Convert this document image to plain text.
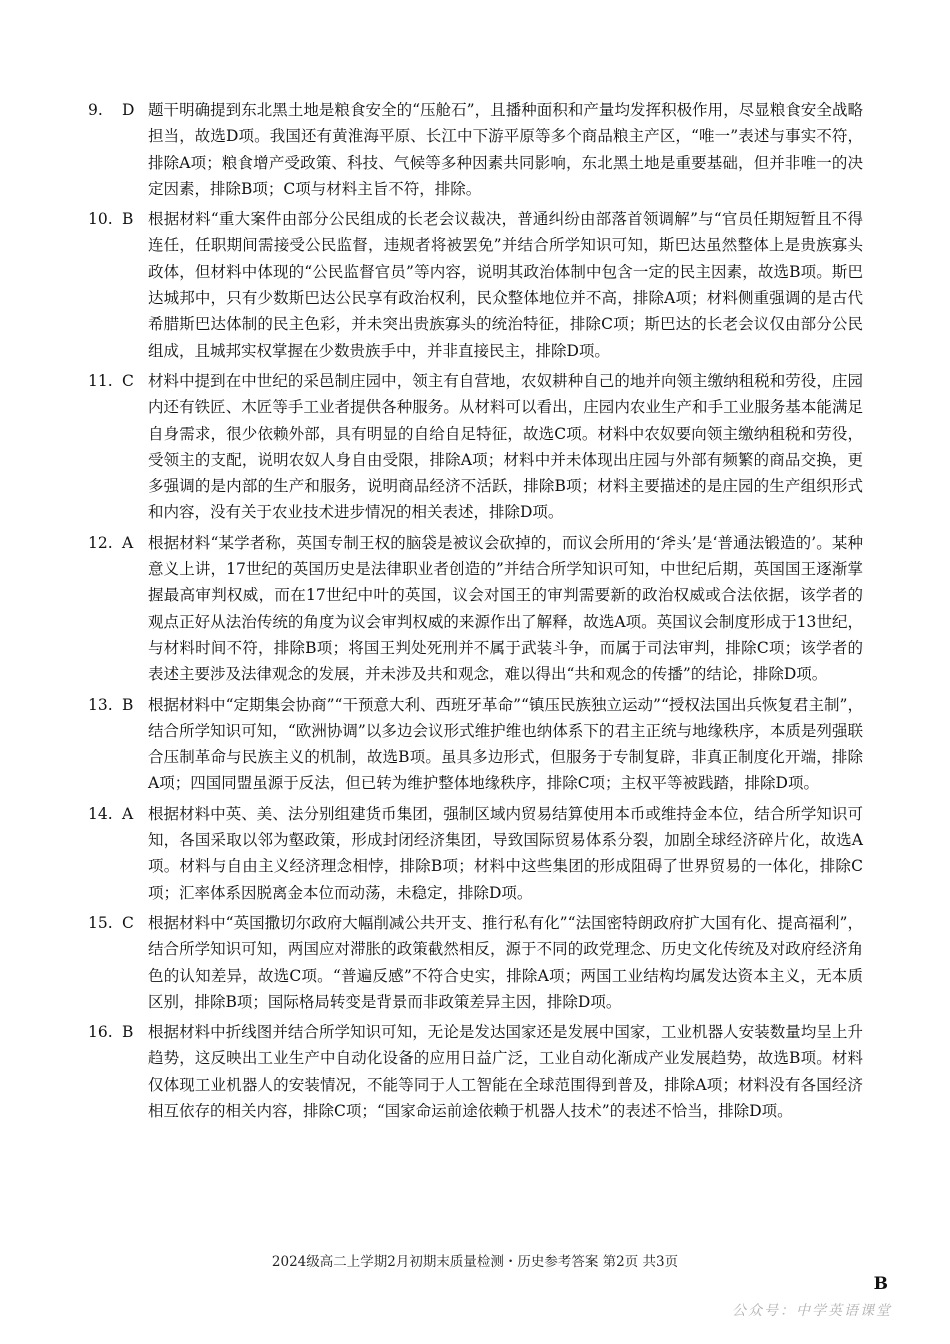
9. D 题干明确提到东北黑土地是粮食安全的“压舱石”，且播种面积和产量均发挥积极作用，尽显粮食安全战略担当，故选D项。我国还有黄淮海平原、长江中下游平原等多个商品粮主产区，“唯一”表述与事实不符，排除A项；粮食增产受政策、科技、气候等多种因素共同影响，东北黑土地是重要基础，但并非唯一的决定因素，排除B项；C项与材料主旨不符，排除。
10. B 根据材料“重大案件由部分公民组成的长老会议裁决，普通纠纷由部落首领调解”与“官员任期短暂且不得连任，任职期间需接受公民监督，违规者将被罢免”并结合所学知识可知，斯巴达虽然整体上是贵族寡头政体，但材料中体现的“公民监督官员”等内容，说明其政治体制中包含一定的民主因素，故选B项。斯巴达城邦中，只有少数斯巴达公民享有政治权利，民众整体地位并不高，排除A项；材料侧重强调的是古代希腊斯巴达体制的民主色彩，并未突出贵族寡头的统治特征，排除C项；斯巴达的长老会议仅由部分公民组成，且城邦实权掌握在少数贵族手中，并非直接民主，排除D项。
11. C 材料中提到在中世纪的采邑制庄园中，领主有自营地，农奴耕种自己的地并向领主缴纳租税和劳役，庄园内还有铁匠、木匠等手工业者提供各种服务。从材料可以看出，庄园内农业生产和手工业服务基本能满足自身需求，很少依赖外部，具有明显的自给自足特征，故选C项。材料中农奴要向领主缴纳租税和劳役，受领主的支配，说明农奴人身自由受限，排除A项；材料中并未体现出庄园与外部有频繁的商品交换，更多强调的是内部的生产和服务，说明商品经济不活跃，排除B项；材料主要描述的是庄园的生产组织形式和内容，没有关于农业技术进步情况的相关表述，排除D项。
12. A 根据材料“某学者称，英国专制王权的脑袋是被议会砍掉的，而议会所用的‘斧头’是‘普通法锻造的’。某种意义上讲，17世纪的英国历史是法律职业者创造的”并结合所学知识可知，中世纪后期，英国国王逐渐掌握最高审判权威，而在17世纪中叶的英国，议会对国王的审判需要新的政治权威或合法依据，该学者的观点正好从法治传统的角度为议会审判权威的来源作出了解释，故选A项。英国议会制度形成于13世纪，与材料时间不符，排除B项；将国王判处死刑并不属于武装斗争，而属于司法审判，排除C项；该学者的表述主要涉及法律观念的发展，并未涉及共和观念，难以得出“共和观念的传播”的结论，排除D项。
13. B 根据材料中“定期集会协商”“干预意大利、西班牙革命”“镇压民族独立运动”“授权法国出兵恢复君主制”，结合所学知识可知，“欧洲协调”以多边会议形式维护维也纳体系下的君主正统与地缘秩序，本质是列强联合压制革命与民族主义的机制，故选B项。虽具多边形式，但服务于专制复辟，非真正制度化开端，排除A项；四国同盟虽源于反法，但已转为维护整体地缘秩序，排除C项；主权平等被践踏，排除D项。
14. A 根据材料中英、美、法分别组建货币集团，强制区域内贸易结算使用本币或维持金本位，结合所学知识可知，各国采取以邻为壑政策，形成封闭经济集团，导致国际贸易体系分裂，加剧全球经济碎片化，故选A项。材料与自由主义经济理念相悖，排除B项；材料中这些集团的形成阻碍了世界贸易的一体化，排除C项；汇率体系因脱离金本位而动荡，未稳定，排除D项。
15. C 根据材料中“英国撒切尔政府大幅削减公共开支、推行私有化”“法国密特朗政府扩大国有化、提高福利”，结合所学知识可知，两国应对滞胀的政策截然相反，源于不同的政党理念、历史文化传统及对政府经济角色的认知差异，故选C项。“普遍反感”不符合史实，排除A项；两国工业结构均属发达资本主义，无本质区别，排除B项；国际格局转变是背景而非政策差异主因，排除D项。
16. B 根据材料中折线图并结合所学知识可知，无论是发达国家还是发展中国家，工业机器人安装数量均呈上升趋势，这反映出工业生产中自动化设备的应用日益广泛，工业自动化渐成产业发展趋势，故选B项。材料仅体现工业机器人的安装情况，不能等同于人工智能在全球范围得到普及，排除A项；材料没有各国经济相互依存的相关内容，排除C项；“国家命运前途依赖于机器人技术”的表述不恰当，排除D项。
2024级高二上学期2月初期末质量检测・历史参考答案 第2页 共3页
B
公众号：中学英语课堂
